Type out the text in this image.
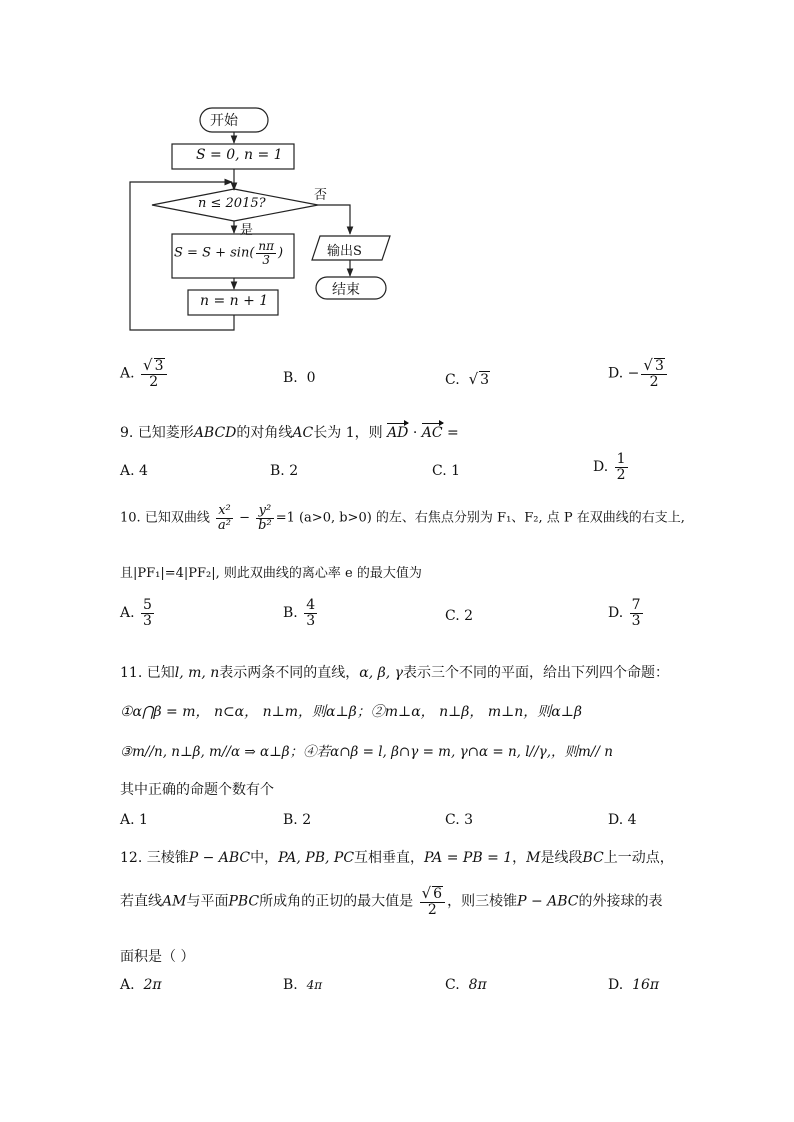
开始
S = 0, n = 1
n ≤ 2015?
否
是
$S = S + \sin( \frac{n\pi}{3}$ )
n = n + 1
输出S
结束
A. $\frac{√ 3}{2}$	B. 0	C. √ 3	D. − $\frac{√ 3}{2}$
9. 已知菱形ABCD的对角线AC长为 1，则 AD · AC =
A. 4	B. 2	C. 1	D. $\frac{1}{2}$
10. 已知双曲线 $\frac{\text{x²}}{\text{a²}} - \frac{\text{y²}}{\text{b²}} =1$ (a>0, b>0) 的左、右焦点分别为 F₁、F₂, 点 P 在双曲线的右支上,
且|PF₁|=4|PF₂|, 则此双曲线的离心率 e 的最大值为
A. $\frac{5}{3}$	B. $\frac{4}{3}$	C. 2	D. $\frac{7}{3}$
11. 已知l, m, n表示两条不同的直线，α, β, γ表示三个不同的平面，给出下列四个命题：
①α⋂β = m， n⊂α， n⊥m，则α⊥β；②m⊥α， n⊥β， m⊥n，则α⊥β
③m//n, n⊥β, m//α ⇒ α⊥β；④若α∩β = l, β∩γ = m, γ∩α = n, l//γ,，则m// n
其中正确的命题个数有个
A. 1	B. 2	C. 3	D. 4
12. 三棱锥P − ABC中，PA, PB, PC互相垂直，PA = PB = 1，M是线段BC上一动点，
若直线AM与平面PBC所成角的正切的最大值是 $\frac{√ 6}{2}$ ，则三棱锥P − ABC的外接球的表
面积是（ ）
A. 2π	B. 4π	C. 8π	D. 16π
